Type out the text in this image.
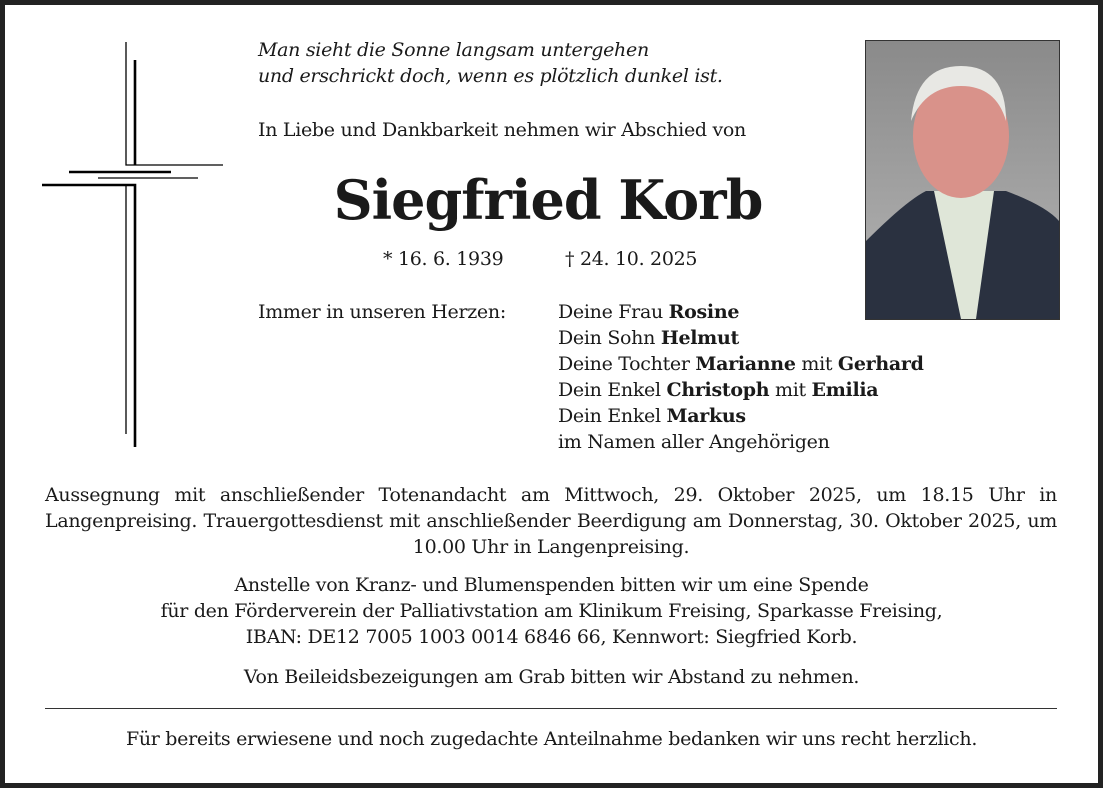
Man sieht die Sonne langsam untergehen
und erschrickt doch, wenn es plötzlich dunkel ist.
In Liebe und Dankbarkeit nehmen wir Abschied von
Siegfried Korb
* 16. 6. 1939	† 24. 10. 2025
Immer in unseren Herzen:	Deine Frau Rosine
Dein Sohn Helmut
Deine Tochter Marianne mit Gerhard
Dein Enkel Christoph mit Emilia
Dein Enkel Markus
im Namen aller Angehörigen
Aussegnung mit anschließender Totenandacht am Mittwoch, 29. Oktober 2025, um 18.15 Uhr in Langenpreising. Trauergottesdienst mit anschließender Beerdigung am Donnerstag, 30. Oktober 2025, um 10.00 Uhr in Langenpreising.
Anstelle von Kranz- und Blumenspenden bitten wir um eine Spende
für den Förderverein der Palliativstation am Klinikum Freising, Sparkasse Freising,
IBAN: DE12 7005 1003 0014 6846 66, Kennwort: Siegfried Korb.
Von Beileidsbezeigungen am Grab bitten wir Abstand zu nehmen.
Für bereits erwiesene und noch zugedachte Anteilnahme bedanken wir uns recht herzlich.
